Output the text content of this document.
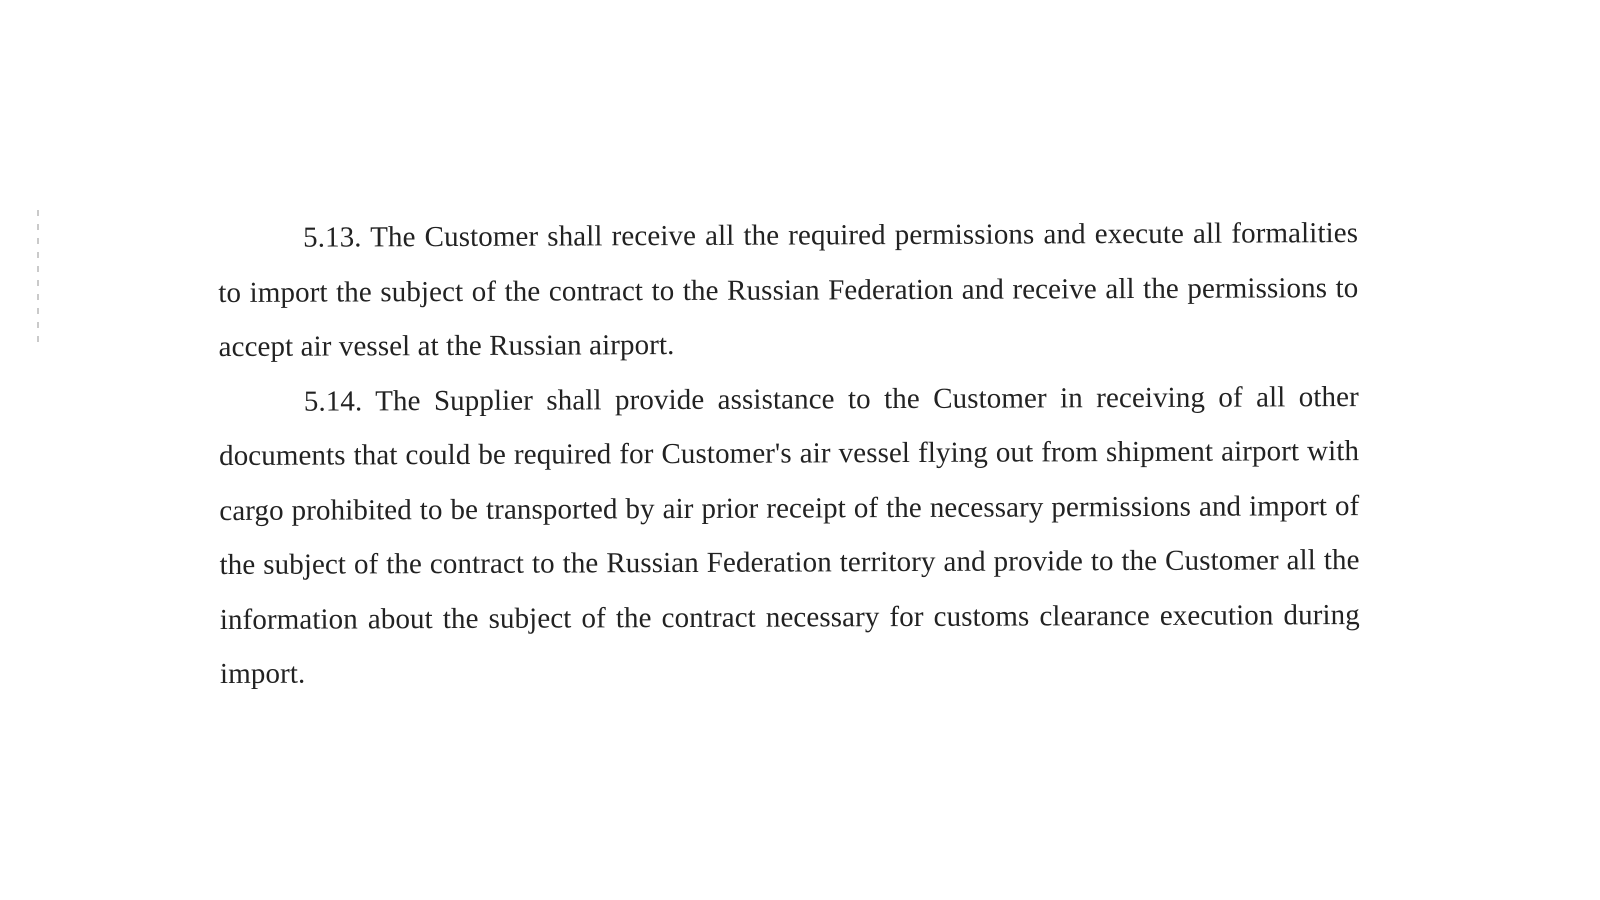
5.13. The Customer shall receive all the required permissions and execute all formalities to import the subject of the contract to the Russian Federation and receive all the permissions to accept air vessel at the Russian airport.

5.14. The Supplier shall provide assistance to the Customer in receiving of all other documents that could be required for Customer's air vessel flying out from shipment airport with cargo prohibited to be transported by air prior receipt of the necessary permissions and import of the subject of the contract to the Russian Federation territory and provide to the Customer all the information about the subject of the contract necessary for customs clearance execution during import.
